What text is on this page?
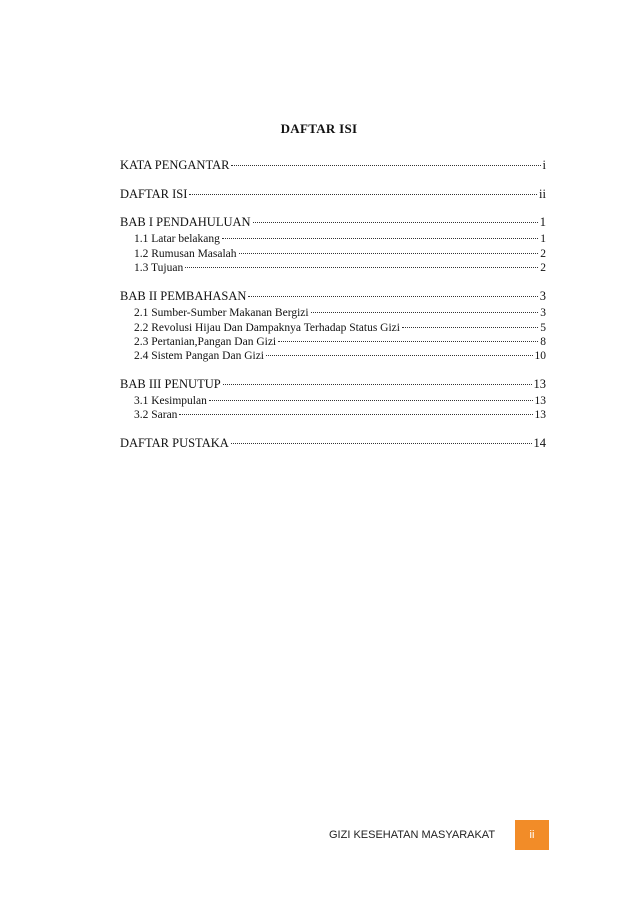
DAFTAR ISI
KATA PENGANTAR	i
DAFTAR ISI	ii
BAB I PENDAHULUAN	1
1.1 Latar belakang	1
1.2 Rumusan Masalah	2
1.3 Tujuan	2
BAB II PEMBAHASAN	3
2.1 Sumber-Sumber Makanan Bergizi	3
2.2 Revolusi Hijau Dan Dampaknya Terhadap Status Gizi	5
2.3 Pertanian,Pangan Dan Gizi	8
2.4 Sistem Pangan Dan Gizi	10
BAB III PENUTUP	13
3.1 Kesimpulan	13
3.2 Saran	13
DAFTAR PUSTAKA	14
GIZI KESEHATAN MASYARAKAT	ii
